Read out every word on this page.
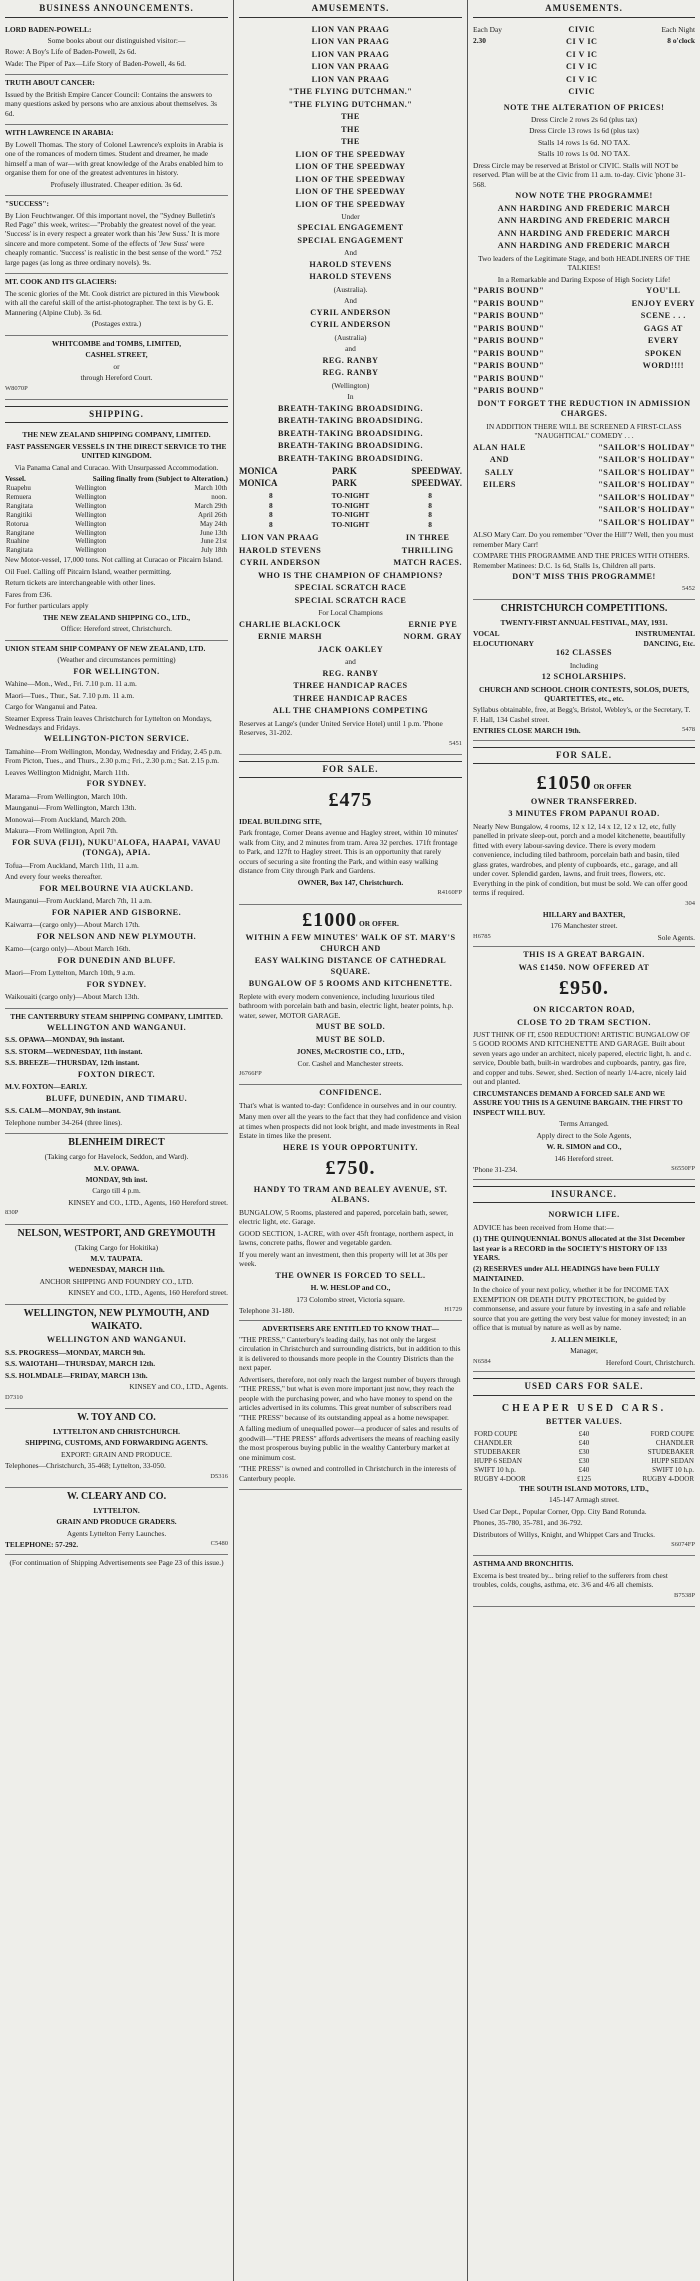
BUSINESS ANNOUNCEMENTS.

LORD BADEN-POWELL:

Some books about our distinguished visitor:—

Rowe: A Boy's Life of Baden-Powell, 2s 6d.

Wade: The Piper of Pax—Life Story of Baden-Powell, 4s 6d.

TRUTH ABOUT CANCER:

Issued by the British Empire Cancer Council: Contains the answers to many questions asked by persons who are anxious about themselves. 3s 6d.

WITH LAWRENCE IN ARABIA:

By Lowell Thomas. The story of Colonel Lawrence's exploits in Arabia is one of the romances of modern times. Student and dreamer, he made himself a man of war—with great knowledge of the Arabs enabled him to organise them for one of the greatest adventures in history.

Profusely illustrated. Cheaper edition. 3s 6d.

"SUCCESS":

By Lion Feuchtwanger. Of this important novel, the "Sydney Bulletin's Red Page" this week, writes:—"Probably the greatest novel of the year. 'Success' is in every respect a greater work than his 'Jew Suss.' It is more sincere and more competent. Some of the effects of 'Jew Suss' were cheaply romantic. 'Success' is realistic in the best sense of the word." 752 large pages (as long as three ordinary novels). 9s.

MT. COOK AND ITS GLACIERS:

The scenic glories of the Mt. Cook district are pictured in this Viewbook with all the careful skill of the artist-photographer. The text is by G. E. Mannering (Alpine Club). 3s 6d.

(Postages extra.)

WHITCOMBE and TOMBS, LIMITED,

CASHEL STREET,

or

through Hereford Court.

W8070P

SHIPPING.

THE NEW ZEALAND SHIPPING COMPANY, LIMITED.

FAST PASSENGER VESSELS IN THE DIRECT SERVICE TO THE UNITED KINGDOM.

Via Panama Canal and Curacao. With Unsurpassed Accommodation.

Vessel.	Sailing finally from (Subject to Alteration.)
Ruapehu	Wellington	March 10th
Remuera	Wellington	noon.
Rangitata	Wellington	March 29th
Rangitiki	Wellington	April 26th
Rotorua	Wellington	May 24th
Rangitane	Wellington	June 13th
Ruahine	Wellington	June 21st
Rangitata	Wellington	July 18th

New Motor-vessel, 17,000 tons. Not calling at Curacao or Pitcairn Island.

Oil Fuel. Calling off Pitcairn Island, weather permitting.

Return tickets are interchangeable with other lines.

Fares from £36.

For further particulars apply

THE NEW ZEALAND SHIPPING CO., LTD.,

Office: Hereford street, Christchurch.

UNION STEAM SHIP COMPANY OF NEW ZEALAND, LTD.

(Weather and circumstances permitting)

FOR WELLINGTON.

Wahine—Mon., Wed., Fri. 7.10 p.m. 11 a.m.

Maori—Tues., Thur., Sat. 7.10 p.m. 11 a.m.

Cargo for Wanganui and Patea.

Steamer Express Train leaves Christchurch for Lyttelton on Mondays, Wednesdays and Fridays.

WELLINGTON-PICTON SERVICE.

Tamahine—From Wellington, Monday, Wednesday and Friday, 2.45 p.m. From Picton, Tues., and Thurs., 2.30 p.m.; Fri., 2.30 p.m.; Sat. 2.15 p.m.

Leaves Wellington Midnight, March 11th.

FOR SYDNEY.

Marama—From Wellington, March 10th.

Maunganui—From Wellington, March 13th.

Monowai—From Auckland, March 20th.

Makura—From Wellington, April 7th.

FOR SUVA (FIJI), NUKU'ALOFA, HAAPAI, VAVAU (TONGA), APIA.

Tofua—From Auckland, March 11th, 11 a.m.

And every four weeks thereafter.

FOR MELBOURNE VIA AUCKLAND.

Maunganui—From Auckland, March 7th, 11 a.m.

FOR NAPIER AND GISBORNE.

Kaiwarra—(cargo only)—About March 17th.

FOR NELSON AND NEW PLYMOUTH.

Kamo—(cargo only)—About March 16th.

FOR DUNEDIN AND BLUFF.

Maori—From Lyttelton, March 10th, 9 a.m.

FOR SYDNEY.

Waikouaiti (cargo only)—About March 13th.

THE CANTERBURY STEAM SHIPPING COMPANY, LIMITED.

WELLINGTON AND WANGANUI.

S.S. OPAWA—MONDAY, 9th instant.

S.S. STORM—WEDNESDAY, 11th instant.

S.S. BREEZE—THURSDAY, 12th instant.

FOXTON DIRECT.

M.V. FOXTON—EARLY.

BLUFF, DUNEDIN, AND TIMARU.

S.S. CALM—MONDAY, 9th instant.

Telephone number 34-264 (three lines).

BLENHEIM DIRECT

(Taking cargo for Havelock, Seddon, and Ward).

M.V. OPAWA.

MONDAY, 9th inst.

Cargo till 4 p.m.

KINSEY and CO., LTD., Agents, 160 Hereford street.

830P

NELSON, WESTPORT, AND GREYMOUTH

(Taking Cargo for Hokitika)

M.V. TAUPATA.

WEDNESDAY, MARCH 11th.

ANCHOR SHIPPING AND FOUNDRY CO., LTD.

KINSEY and CO., LTD., Agents, 160 Hereford street.

WELLINGTON, NEW PLYMOUTH, AND WAIKATO.

WELLINGTON AND WANGANUI.

S.S. PROGRESS—MONDAY, MARCH 9th.

S.S. WAIOTAHI—THURSDAY, MARCH 12th.

S.S. HOLMDALE—FRIDAY, MARCH 13th.

KINSEY and CO., LTD., Agents.

D7310

W. TOY AND CO.

LYTTELTON AND CHRISTCHURCH.

SHIPPING, CUSTOMS, AND FORWARDING AGENTS.

EXPORT: GRAIN AND PRODUCE.

Telephones—Christchurch, 35-468; Lyttelton, 33-050.

D5316

W. CLEARY AND CO.

LYTTELTON.

GRAIN AND PRODUCE GRADERS.

Agents Lyttelton Ferry Launches.

TELEPHONE: 57-292.	C5480

(For continuation of Shipping Advertisements see Page 23 of this issue.)

AMUSEMENTS.

LION VAN PRAAG

LION VAN PRAAG

LION VAN PRAAG

LION VAN PRAAG

LION VAN PRAAG

"THE FLYING DUTCHMAN."

"THE FLYING DUTCHMAN."

THE

THE

THE

LION OF THE SPEEDWAY

LION OF THE SPEEDWAY

LION OF THE SPEEDWAY

LION OF THE SPEEDWAY

LION OF THE SPEEDWAY

Under

SPECIAL ENGAGEMENT

SPECIAL ENGAGEMENT

And

HAROLD STEVENS

HAROLD STEVENS

(Australia).

And

CYRIL ANDERSON

CYRIL ANDERSON

(Australia)

and

REG. RANBY

REG. RANBY

(Wellington)

In

BREATH-TAKING BROADSIDING.

BREATH-TAKING BROADSIDING.

BREATH-TAKING BROADSIDING.

BREATH-TAKING BROADSIDING.

BREATH-TAKING BROADSIDING.

MONICA	PARK	SPEEDWAY.
MONICA	PARK	SPEEDWAY.
8	TO-NIGHT	8
8	TO-NIGHT	8
8	TO-NIGHT	8
8	TO-NIGHT	8

LION VAN PRAAG

HAROLD STEVENS

CYRIL ANDERSON

IN THREE

THRILLING

MATCH RACES.

WHO IS THE CHAMPION OF CHAMPIONS?

SPECIAL SCRATCH RACE

SPECIAL SCRATCH RACE

For Local Champions

CHARLIE BLACKLOCK

ERNIE MARSH

ERNIE PYE

NORM. GRAY

JACK OAKLEY

and

REG. RANBY

THREE HANDICAP RACES

THREE HANDICAP RACES

ALL THE CHAMPIONS COMPETING

Reserves at Lange's (under United Service Hotel) until 1 p.m. 'Phone Reserves, 31-202.

5451

FOR SALE.
£475

IDEAL BUILDING SITE,

Park frontage, Corner Deans avenue and Hagley street, within 10 minutes' walk from City, and 2 minutes from tram. Area 32 perches. 171ft frontage to Park, and 127ft to Hagley street. This is an opportunity that rarely occurs of securing a site fronting the Park, and within easy walking distance from City through Park and Gardens.

OWNER, Box 147, Christchurch.

R4160FP

£1000 OR OFFER.

WITHIN A FEW MINUTES' WALK OF ST. MARY'S CHURCH AND

EASY WALKING DISTANCE OF CATHEDRAL SQUARE.

BUNGALOW OF 5 ROOMS AND KITCHENETTE.

Replete with every modern convenience, including luxurious tiled bathroom with porcelain bath and basin, electric light, heater points, h.p. water, sewer, MOTOR GARAGE.

MUST BE SOLD.

MUST BE SOLD.

JONES, McCROSTIE CO., LTD.,

Cor. Cashel and Manchester streets.

J6766FP

CONFIDENCE.

That's what is wanted to-day: Confidence in ourselves and in our country.

Many men over all the years to the fact that they had confidence and vision at times when prospects did not look bright, and made investments in Real Estate in times like the present.

HERE IS YOUR OPPORTUNITY.

£750.

HANDY TO TRAM AND BEALEY AVENUE, ST. ALBANS.

BUNGALOW, 5 Rooms, plastered and papered, porcelain bath, sewer, electric light, etc. Garage.

GOOD SECTION, 1-ACRE, with over 45ft frontage, northern aspect, in lawns, concrete paths, flower and vegetable garden.

If you merely want an investment, then this property will let at 30s per week.

THE OWNER IS FORCED TO SELL.

H. W. HESLOP and CO.,

173 Colombo street, Victoria square.

Telephone 31-180.	H1729

ADVERTISERS ARE ENTITLED TO KNOW THAT—

"THE PRESS," Canterbury's leading daily, has not only the largest circulation in Christchurch and surrounding districts, but in addition to this it is delivered to thousands more people in the Country Districts than the next paper.

Advertisers, therefore, not only reach the largest number of buyers through "THE PRESS," but what is even more important just now, they reach the people with the purchasing power, and who have money to spend on the articles advertised in its columns. This great number of subscribers read "THE PRESS" because of its outstanding appeal as a home newspaper.

A falling medium of unequalled power—a producer of sales and results of goodwill—"THE PRESS" affords advertisers the means of reaching easily the most prosperous buying public in the wealthy Canterbury market at one minimum cost.

"THE PRESS" is owned and controlled in Christchurch in the interests of Canterbury people.

AMUSEMENTS.

Each Day

2.30

CIVIC

CI V IC

CI V IC

CI V IC

CI V IC

CIVIC

Each Night

8 o'clock

NOTE THE ALTERATION OF PRICES!

Dress Circle 2 rows 2s 6d (plus tax)

Dress Circle 13 rows 1s 6d (plus tax)

Stalls 14 rows 1s 6d. NO TAX.

Stalls 10 rows 1s 0d. NO TAX.

Dress Circle may be reserved at Bristol or CIVIC. Stalls will NOT be reserved. Plan will be at the Civic from 11 a.m. to-day. Civic 'phone 31-568.

NOW NOTE THE PROGRAMME!

ANN HARDING AND FREDERIC MARCH

ANN HARDING AND FREDERIC MARCH

ANN HARDING AND FREDERIC MARCH

ANN HARDING AND FREDERIC MARCH

Two leaders of the Legitimate Stage, and both HEADLINERS OF THE TALKIES!

In a Remarkable and Daring Expose of High Society Life!

"PARIS BOUND"

"PARIS BOUND"

"PARIS BOUND"

"PARIS BOUND"

"PARIS BOUND"

"PARIS BOUND"

"PARIS BOUND"

"PARIS BOUND"

"PARIS BOUND"

YOU'LL

ENJOY EVERY

SCENE . . .

GAGS AT

EVERY

SPOKEN

WORD!!!!

DON'T FORGET THE REDUCTION IN ADMISSION CHARGES.

IN ADDITION THERE WILL BE SCREENED A FIRST-CLASS "NAUGHTICAL" COMEDY . . .

ALAN HALE

AND

SALLY

EILERS

"SAILOR'S HOLIDAY"

"SAILOR'S HOLIDAY"

"SAILOR'S HOLIDAY"

"SAILOR'S HOLIDAY"

"SAILOR'S HOLIDAY"

"SAILOR'S HOLIDAY"

"SAILOR'S HOLIDAY"

ALSO Mary Carr. Do you remember "Over the Hill"? Well, then you must remember Mary Carr!

COMPARE THIS PROGRAMME AND THE PRICES WITH OTHERS. Remember Matinees: D.C. 1s 6d, Stalls 1s, Children all parts.

DON'T MISS THIS PROGRAMME!

5452

CHRISTCHURCH COMPETITIONS.

TWENTY-FIRST ANNUAL FESTIVAL, MAY, 1931.

VOCAL	INSTRUMENTAL
ELOCUTIONARY	DANCING, Etc.

162 CLASSES

Including

12 SCHOLARSHIPS.

CHURCH AND SCHOOL CHOIR CONTESTS, SOLOS, DUETS, QUARTETTES, etc., etc.

Syllabus obtainable, free, at Begg's, Bristol, Webley's, or the Secretary, T. F. Hall, 134 Cashel street.

ENTRIES CLOSE MARCH 19th.	5478
FOR SALE.
£1050 OR OFFER

OWNER TRANSFERRED.

3 MINUTES FROM PAPANUI ROAD.

Nearly New Bungalow, 4 rooms, 12 x 12, 14 x 12, 12 x 12, etc, fully panelled in private sleep-out, porch and a model kitchenette, beautifully fitted with every labour-saving device. There is every modern convenience, including tiled bathroom, porcelain bath and basin, tiled glass grates, wardrobes, and plenty of cupboards, etc., garage, and all under cover. Splendid garden, lawns, and fruit trees, flowers, etc. Everything in the pink of condition, but must be sold. We can offer good terms if required.

304

HILLARY and BAXTER,

176 Manchester street.

H6785	Sole Agents.

THIS IS A GREAT BARGAIN.

WAS £1450. NOW OFFERED AT

£950.

ON RICCARTON ROAD,

CLOSE TO 2D TRAM SECTION.

JUST THINK OF IT, £500 REDUCTION! ARTISTIC BUNGALOW OF 5 GOOD ROOMS AND KITCHENETTE AND GARAGE. Built about seven years ago under an architect, nicely papered, electric light, h. and c. service, Double bath, built-in wardrobes and cupboards, pantry, gas fire, and copper and tubs. Sewer, shed. Section of nearly 1/4-acre, nicely laid out and planted.

CIRCUMSTANCES DEMAND A FORCED SALE AND WE ASSURE YOU THIS IS A GENUINE BARGAIN. THE FIRST TO INSPECT WILL BUY.

Terms Arranged.

Apply direct to the Sole Agents,

W. R. SIMON and CO.,

146 Hereford street.

'Phone 31-234.	S6550FP
INSURANCE.

NORWICH LIFE.

ADVICE has been received from Home that:—

(1) THE QUINQUENNIAL BONUS allocated at the 31st December last year is a RECORD in the SOCIETY'S HISTORY OF 133 YEARS.

(2) RESERVES under ALL HEADINGS have been FULLY MAINTAINED.

In the choice of your next policy, whether it be for INCOME TAX EXEMPTION OR DEATH DUTY PROTECTION, be guided by commonsense, and assure your future by investing in a safe and reliable source that you are getting the very best value for money invested; in an office that is mutual by nature as well as by name.

J. ALLEN MEIKLE,

Manager,

N6584	Hereford Court, Christchurch.
USED CARS FOR SALE.

CHEAPER USED CARS.

BETTER VALUES.

FORD COUPE	£40	FORD COUPE
CHANDLER	£40	CHANDLER
STUDEBAKER	£30	STUDEBAKER
HUPP 6 SEDAN	£30	HUPP SEDAN
SWIFT 10 h.p.	£40	SWIFT 10 h.p.
RUGBY 4-DOOR	£125	RUGBY 4-DOOR

THE SOUTH ISLAND MOTORS, LTD.,

145-147 Armagh street.

Used Car Dept., Popular Corner, Opp. City Band Rotunda.

Phones, 35-780, 35-781, and 36-792.

Distributors of Willys, Knight, and Whippet Cars and Trucks.

S6074FP

ASTHMA AND BRONCHITIS.

Excema is best treated by... bring relief to the sufferers from chest troubles, colds, coughs, asthma, etc. 3/6 and 4/6 all chemists.

B7538P
